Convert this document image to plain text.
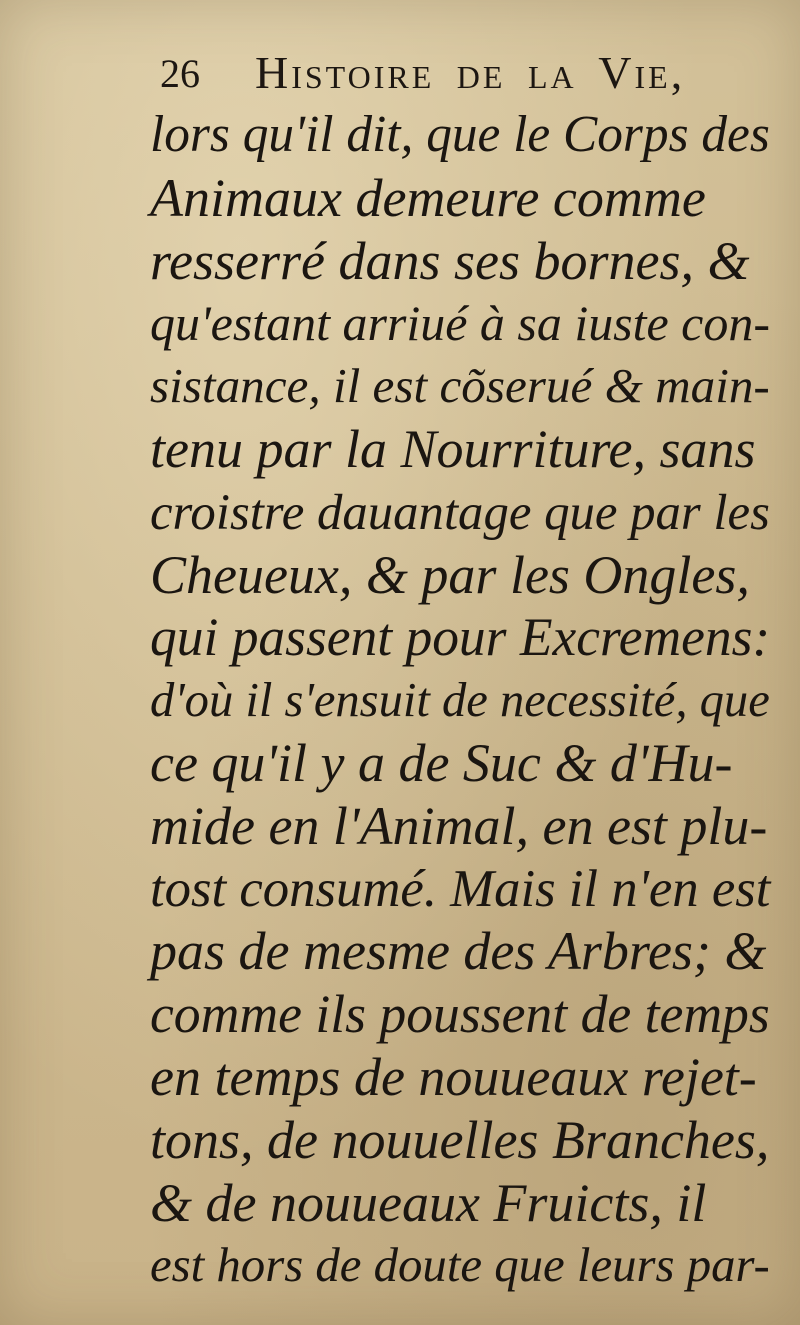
26 Histoire de la Vie,
lors qu'il dit, que le Corps des
Animaux demeure comme
resserré dans ses bornes, &
qu'estant arriué à sa iuste con-
sistance, il est cõserué & main-
tenu par la Nourriture, sans
croistre dauantage que par les
Cheueux, & par les Ongles,
qui passent pour Excremens:
d'où il s'ensuit de necessité, que
ce qu'il y a de Suc & d'Hu-
mide en l'Animal, en est plu-
tost consumé. Mais il n'en est
pas de mesme des Arbres; &
comme ils poussent de temps
en temps de nouueaux rejet-
tons, de nouuelles Branches,
& de nouueaux Fruicts, il
est hors de doute que leurs par-
